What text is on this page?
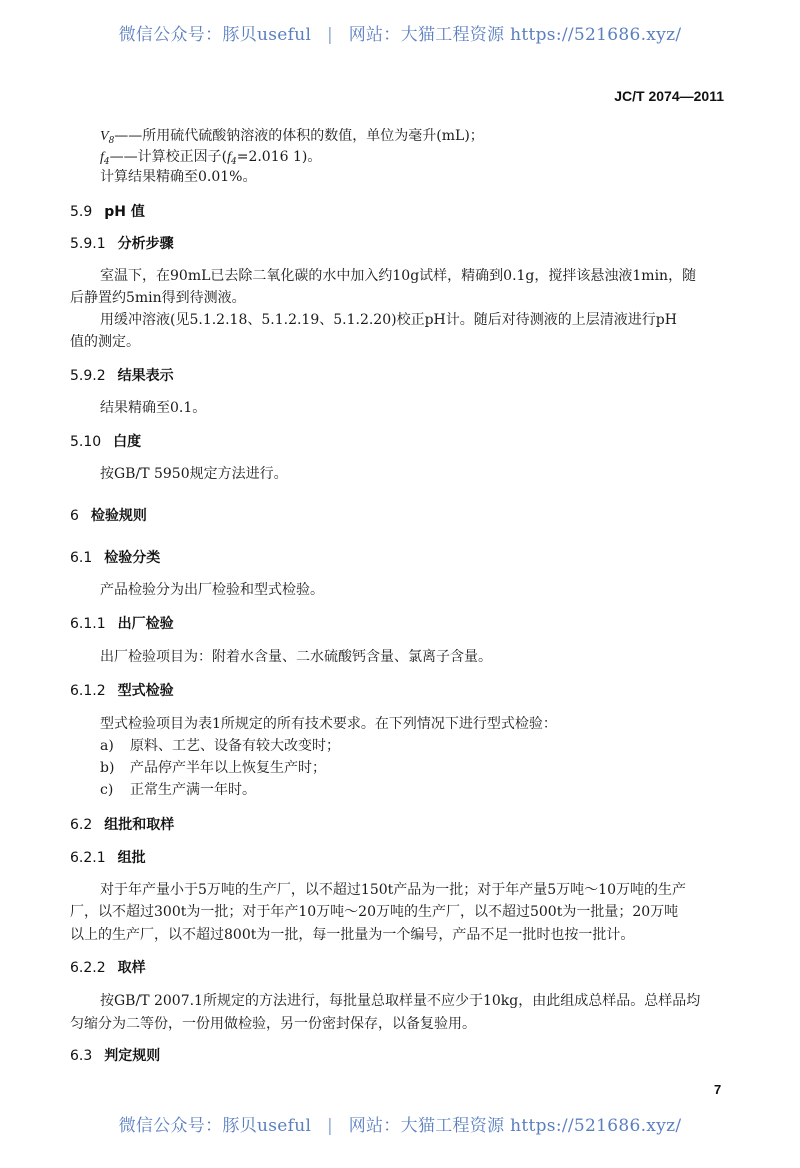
微信公众号：豚贝useful | 网站：大猫工程资源 https://521686.xyz/
JC/T 2074—2011
$V_8——$所用硫代硫酸钠溶液的体积的数值，单位为毫升(mL)；
$f_4——$计算校正因子($f_4=2.016$ 1)。
计算结果精确至0.01%。
5.9 pH 值
5.9.1 分析步骤
室温下，在90mL已去除二氧化碳的水中加入约10g试样，精确到0.1g，搅拌该悬浊液1min，随
后静置约5min得到待测液。
用缓冲溶液(见5.1.2.18、5.1.2.19、5.1.2.20)校正pH计。随后对待测液的上层清液进行pH
值的测定。
5.9.2 结果表示
结果精确至0.1。
5.10 白度
按GB/T 5950规定方法进行。
6 检验规则
6.1 检验分类
产品检验分为出厂检验和型式检验。
6.1.1 出厂检验
出厂检验项目为：附着水含量、二水硫酸钙含量、氯离子含量。
6.1.2 型式检验
型式检验项目为表1所规定的所有技术要求。在下列情况下进行型式检验：
a) 原料、工艺、设备有较大改变时；
b) 产品停产半年以上恢复生产时；
c) 正常生产满一年时。
6.2 组批和取样
6.2.1 组批
对于年产量小于5万吨的生产厂，以不超过150t产品为一批；对于年产量5万吨～10万吨的生产
厂，以不超过300t为一批；对于年产10万吨～20万吨的生产厂，以不超过500t为一批量；20万吨
以上的生产厂，以不超过800t为一批，每一批量为一个编号，产品不足一批时也按一批计。
6.2.2 取样
按GB/T 2007.1所规定的方法进行，每批量总取样量不应少于10kg，由此组成总样品。总样品均
匀缩分为二等份，一份用做检验，另一份密封保存，以备复验用。
6.3 判定规则
7
微信公众号：豚贝useful | 网站：大猫工程资源 https://521686.xyz/
